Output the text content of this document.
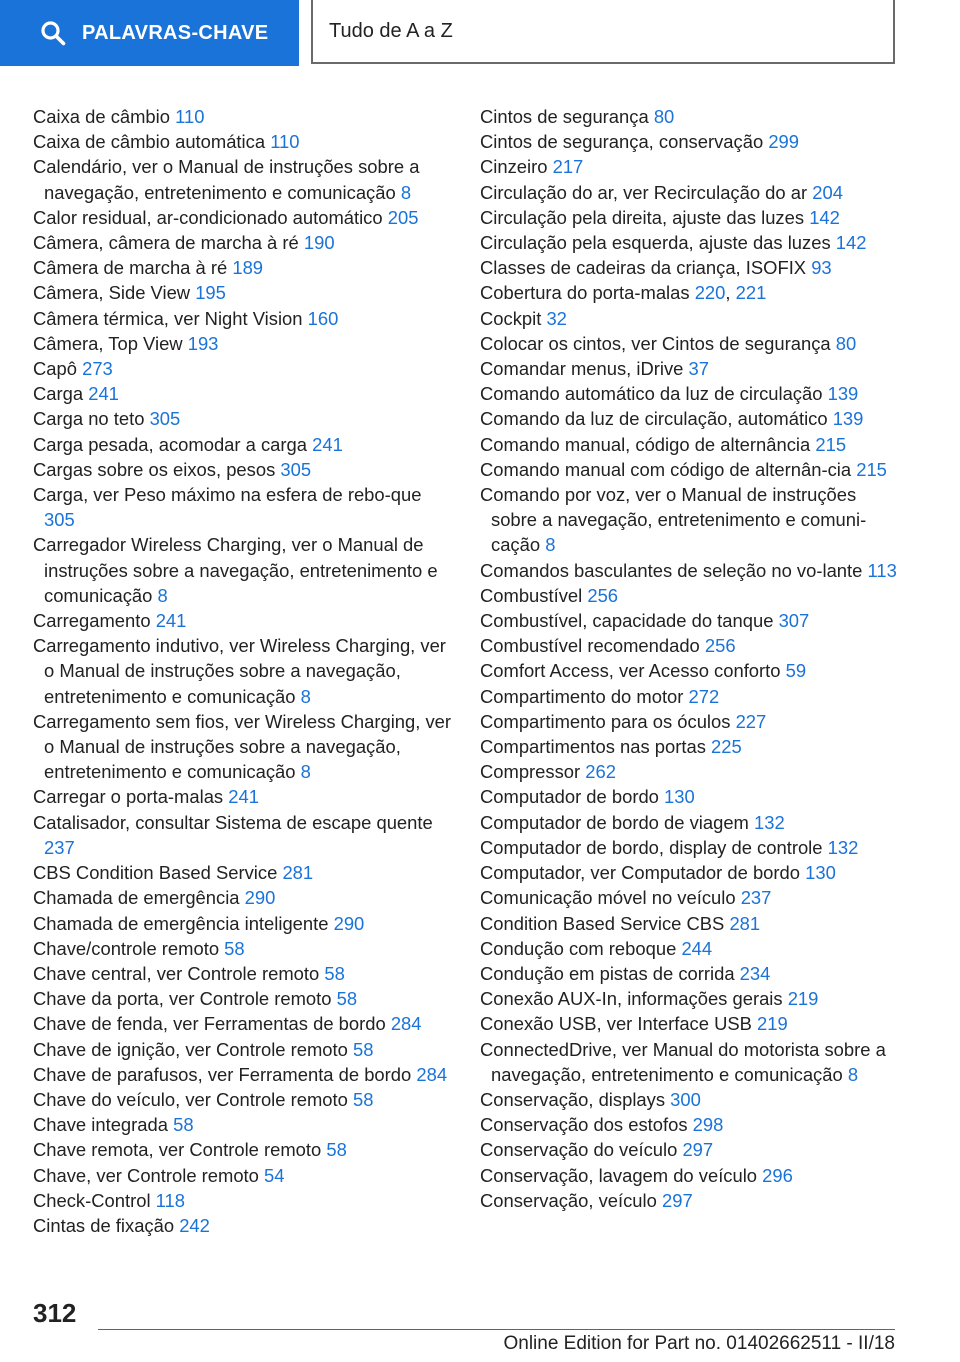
PALAVRAS-CHAVE	Tudo de A a Z
Caixa de câmbio 110
Caixa de câmbio automática 110
Calendário, ver o Manual de instruções sobre a navegação, entretenimento e comunicação 8
Calor residual, ar-condicionado automático 205
Câmera, câmera de marcha à ré 190
Câmera de marcha à ré 189
Câmera, Side View 195
Câmera térmica, ver Night Vision 160
Câmera, Top View 193
Capô 273
Carga 241
Carga no teto 305
Carga pesada, acomodar a carga 241
Cargas sobre os eixos, pesos 305
Carga, ver Peso máximo na esfera de rebo-que 305
Carregador Wireless Charging, ver o Manual de instruções sobre a navegação, entretenimento e comunicação 8
Carregamento 241
Carregamento indutivo, ver Wireless Charging, ver o Manual de instruções sobre a navegação, entretenimento e comunicação 8
Carregamento sem fios, ver Wireless Charging, ver o Manual de instruções sobre a navegação, entretenimento e comunicação 8
Carregar o porta-malas 241
Catalisador, consultar Sistema de escape quente 237
CBS Condition Based Service 281
Chamada de emergência 290
Chamada de emergência inteligente 290
Chave/controle remoto 58
Chave central, ver Controle remoto 58
Chave da porta, ver Controle remoto 58
Chave de fenda, ver Ferramentas de bordo 284
Chave de ignição, ver Controle remoto 58
Chave de parafusos, ver Ferramenta de bordo 284
Chave do veículo, ver Controle remoto 58
Chave integrada 58
Chave remota, ver Controle remoto 58
Chave, ver Controle remoto 54
Check-Control 118
Cintas de fixação 242
Cintos de segurança 80
Cintos de segurança, conservação 299
Cinzeiro 217
Circulação do ar, ver Recirculação do ar 204
Circulação pela direita, ajuste das luzes 142
Circulação pela esquerda, ajuste das luzes 142
Classes de cadeiras da criança, ISOFIX 93
Cobertura do porta-malas 220, 221
Cockpit 32
Colocar os cintos, ver Cintos de segurança 80
Comandar menus, iDrive 37
Comando automático da luz de circulação 139
Comando da luz de circulação, automático 139
Comando manual, código de alternância 215
Comando manual com código de alternân-cia 215
Comando por voz, ver o Manual de instruções sobre a navegação, entretenimento e comuni-cação 8
Comandos basculantes de seleção no vo-lante 113
Combustível 256
Combustível, capacidade do tanque 307
Combustível recomendado 256
Comfort Access, ver Acesso conforto 59
Compartimento do motor 272
Compartimento para os óculos 227
Compartimentos nas portas 225
Compressor 262
Computador de bordo 130
Computador de bordo de viagem 132
Computador de bordo, display de controle 132
Computador, ver Computador de bordo 130
Comunicação móvel no veículo 237
Condition Based Service CBS 281
Condução com reboque 244
Condução em pistas de corrida 234
Conexão AUX-In, informações gerais 219
Conexão USB, ver Interface USB 219
ConnectedDrive, ver Manual do motorista sobre a navegação, entretenimento e comunicação 8
Conservação, displays 300
Conservação dos estofos 298
Conservação do veículo 297
Conservação, lavagem do veículo 296
Conservação, veículo 297
312
Online Edition for Part no. 01402662511 - II/18
